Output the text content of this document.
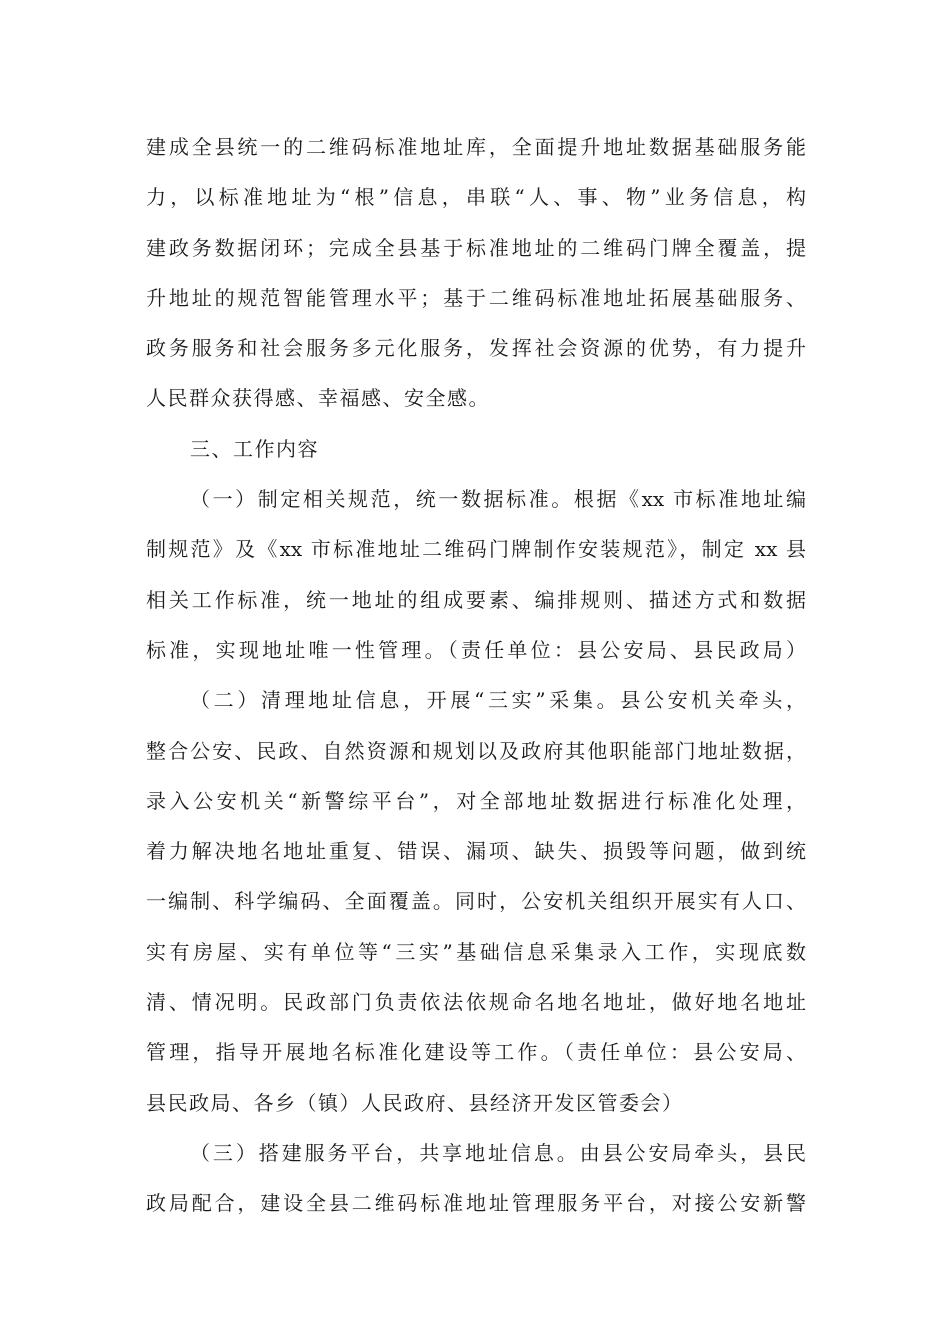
建成全县统一的二维码标准地址库，全面提升地址数据基础服务能
力，以标准地址为“根”信息，串联“人、事、物”业务信息，构
建政务数据闭环；完成全县基于标准地址的二维码门牌全覆盖，提
升地址的规范智能管理水平；基于二维码标准地址拓展基础服务、
政务服务和社会服务多元化服务，发挥社会资源的优势，有力提升
人民群众获得感、幸福感、安全感。
三、工作内容
（一）制定相关规范，统一数据标准。根据《xx 市标准地址编
制规范》及《xx 市标准地址二维码门牌制作安装规范》，制定 xx 县
相关工作标准，统一地址的组成要素、编排规则、描述方式和数据
标准，实现地址唯一性管理。（责任单位：县公安局、县民政局）
（二）清理地址信息，开展“三实”采集。县公安机关牵头，
整合公安、民政、自然资源和规划以及政府其他职能部门地址数据，
录入公安机关“新警综平台”，对全部地址数据进行标准化处理，
着力解决地名地址重复、错误、漏项、缺失、损毁等问题，做到统
一编制、科学编码、全面覆盖。同时，公安机关组织开展实有人口、
实有房屋、实有单位等“三实”基础信息采集录入工作，实现底数
清、情况明。民政部门负责依法依规命名地名地址，做好地名地址
管理，指导开展地名标准化建设等工作。（责任单位：县公安局、
县民政局、各乡（镇）人民政府、县经济开发区管委会）
（三）搭建服务平台，共享地址信息。由县公安局牵头，县民
政局配合，建设全县二维码标准地址管理服务平台，对接公安新警
